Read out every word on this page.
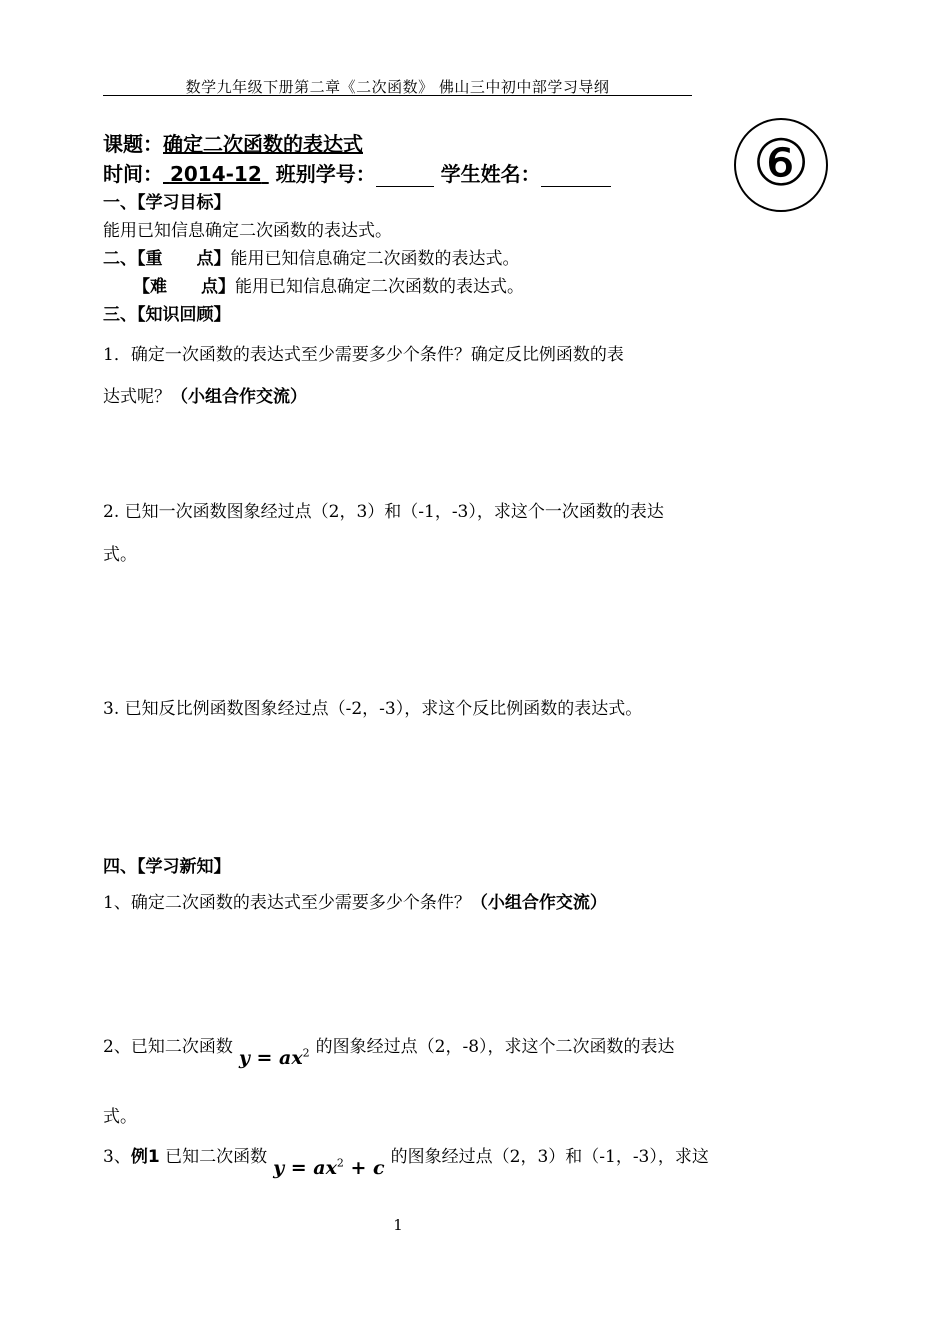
数学九年级下册第二章《二次函数》 佛山三中初中部学习导纲
⑥
课题：确定二次函数的表达式
时间： 2014-12 班别学号：	学生姓名：
一、【学习目标】
能用已知信息确定二次函数的表达式。
二、【重　　点】能用已知信息确定二次函数的表达式。
【难　　点】能用已知信息确定二次函数的表达式。
三、【知识回顾】
1．确定一次函数的表达式至少需要多少个条件？确定反比例函数的表
达式呢？（小组合作交流）
2. 已知一次函数图象经过点（2，3）和（-1，-3），求这个一次函数的表达
式。
3. 已知反比例函数图象经过点（-2，-3），求这个反比例函数的表达式。
四、【学习新知】
1、确定二次函数的表达式至少需要多少个条件？（小组合作交流）
2、已知二次函数 $y = ax^2$ 的图象经过点（2，-8），求这个二次函数的表达
式。
3、例1 已知二次函数 $y = ax^2 + c$ 的图象经过点（2，3）和（-1，-3），求这
1
